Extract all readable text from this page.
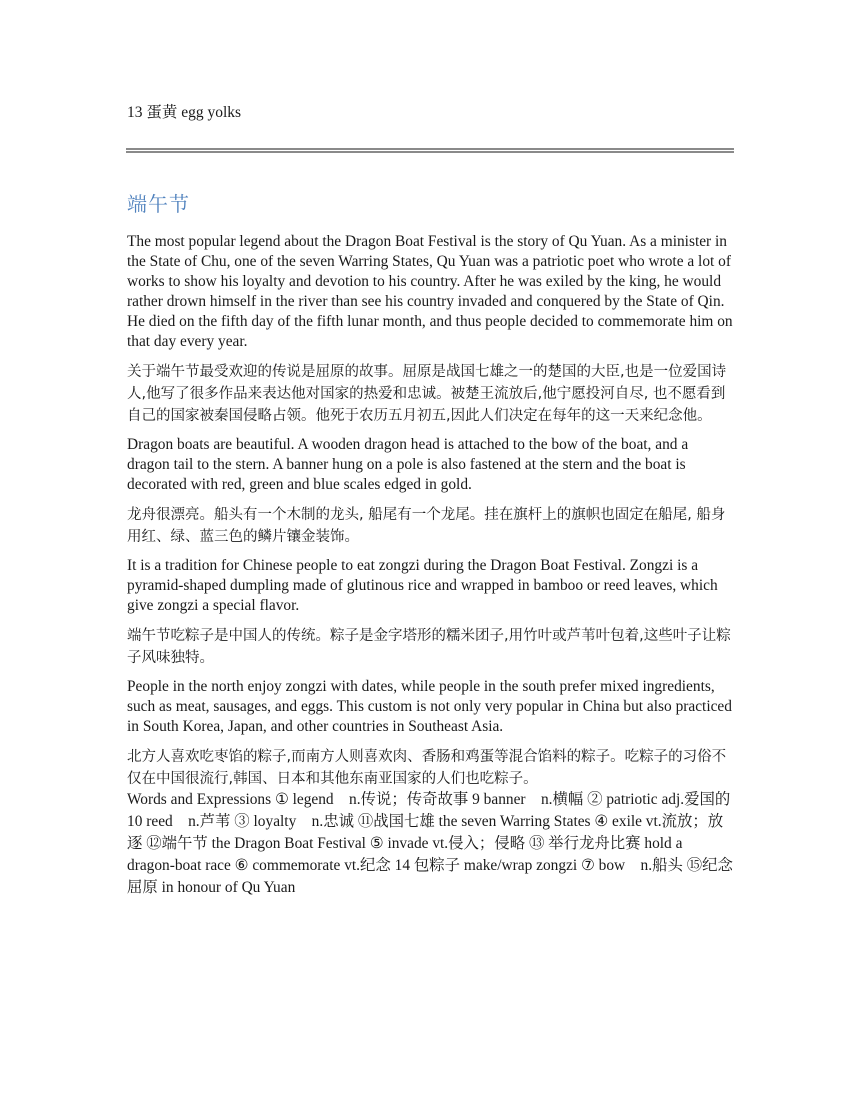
13 蛋黄 egg yolks
端午节

The most popular legend about the Dragon Boat Festival is the story of Qu Yuan. As a minister in the State of Chu, one of the seven Warring States, Qu Yuan was a patriotic poet who wrote a lot of works to show his loyalty and devotion to his country. After he was exiled by the king, he would rather drown himself in the river than see his country invaded and conquered by the State of Qin. He died on the fifth day of the fifth lunar month, and thus people decided to commemorate him on that day every year.

关于端午节最受欢迎的传说是屈原的故事。屈原是战国七雄之一的楚国的大臣,也是一位爱国诗人,他写了很多作品来表达他对国家的热爱和忠诚。被楚王流放后,他宁愿投河自尽, 也不愿看到自己的国家被秦国侵略占领。他死于农历五月初五,因此人们决定在每年的这一天来纪念他。

Dragon boats are beautiful. A wooden dragon head is attached to the bow of the boat, and a dragon tail to the stern. A banner hung on a pole is also fastened at the stern and the boat is decorated with red, green and blue scales edged in gold.

龙舟很漂亮。船头有一个木制的龙头, 船尾有一个龙尾。挂在旗杆上的旗帜也固定在船尾, 船身用红、绿、蓝三色的鳞片镶金装饰。

It is a tradition for Chinese people to eat zongzi during the Dragon Boat Festival. Zongzi is a pyramid-shaped dumpling made of glutinous rice and wrapped in bamboo or reed leaves, which give zongzi a special flavor.

端午节吃粽子是中国人的传统。粽子是金字塔形的糯米团子,用竹叶或芦苇叶包着,这些叶子让粽子风味独特。

People in the north enjoy zongzi with dates, while people in the south prefer mixed ingredients, such as meat, sausages, and eggs. This custom is not only very popular in China but also practiced in South Korea, Japan, and other countries in Southeast Asia.

北方人喜欢吃枣馅的粽子,而南方人则喜欢肉、香肠和鸡蛋等混合馅料的粽子。吃粽子的习俗不仅在中国很流行,韩国、日本和其他东南亚国家的人们也吃粽子。

Words and Expressions ① legend　n.传说；传奇故事 9 banner　n.横幅 ② patriotic adj.爱国的 10 reed　n.芦苇 ③ loyalty　n.忠诚 ⑪战国七雄 the seven Warring States ④ exile vt.流放；放逐 ⑫端午节 the Dragon Boat Festival ⑤ invade vt.侵入；侵略 ⑬ 举行龙舟比赛 hold a dragon-boat race ⑥ commemorate vt.纪念 14 包粽子 make/wrap zongzi ⑦ bow　n.船头 ⑮纪念屈原 in honour of Qu Yuan
